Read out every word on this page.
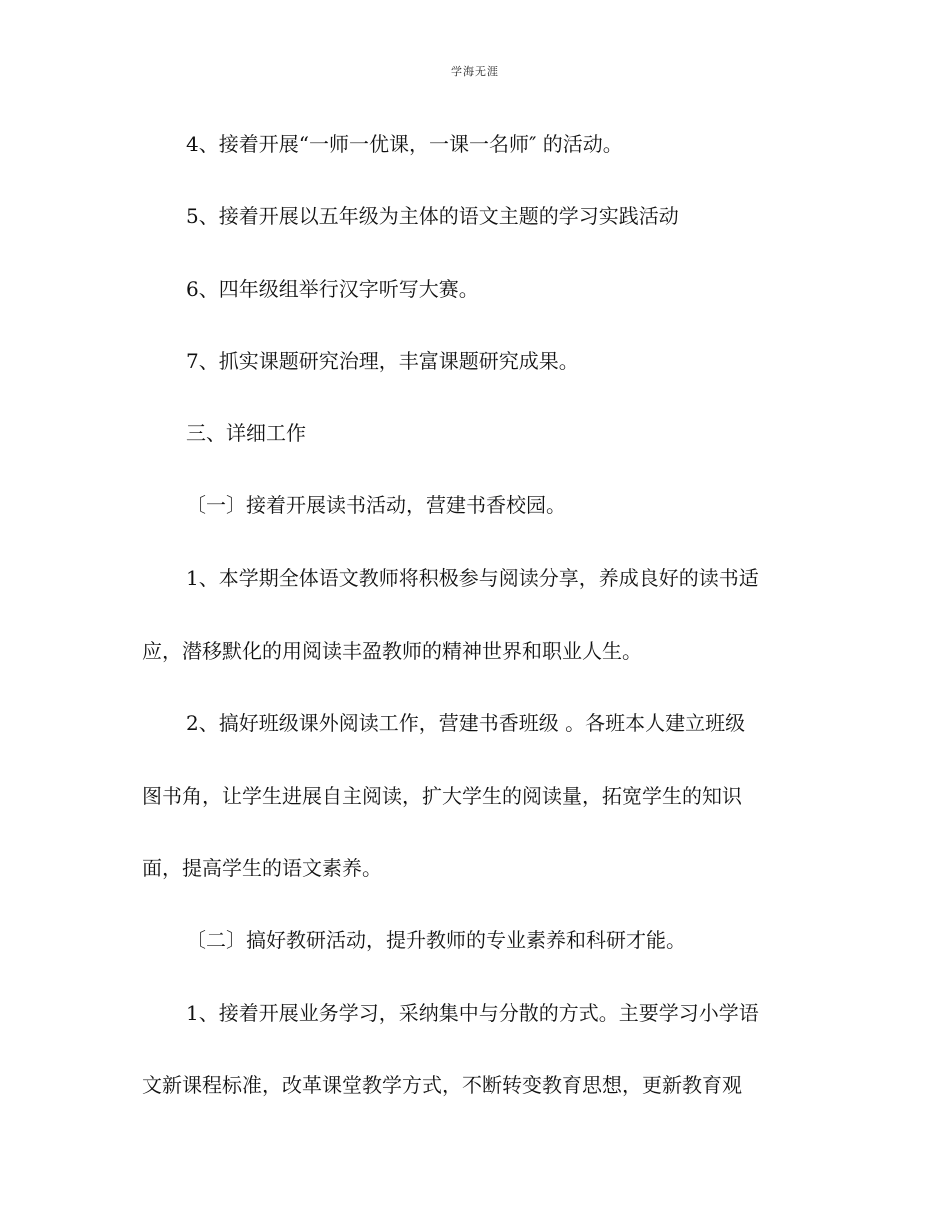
学海无涯
4、接着开展“一师一优课，一课一名师″ 的活动。
5、接着开展以五年级为主体的语文主题的学习实践活动
6、四年级组举行汉字听写大赛。
7、抓实课题研究治理，丰富课题研究成果。
三、详细工作
〔一〕接着开展读书活动，营建书香校园。
1、本学期全体语文教师将积极参与阅读分享，养成良好的读书适
应，潜移默化的用阅读丰盈教师的精神世界和职业人生。
2、搞好班级课外阅读工作，营建书香班级 。各班本人建立班级
图书角，让学生进展自主阅读，扩大学生的阅读量，拓宽学生的知识
面，提高学生的语文素养。
〔二〕搞好教研活动，提升教师的专业素养和科研才能。
1、接着开展业务学习，采纳集中与分散的方式。主要学习小学语
文新课程标准，改革课堂教学方式，不断转变教育思想，更新教育观
